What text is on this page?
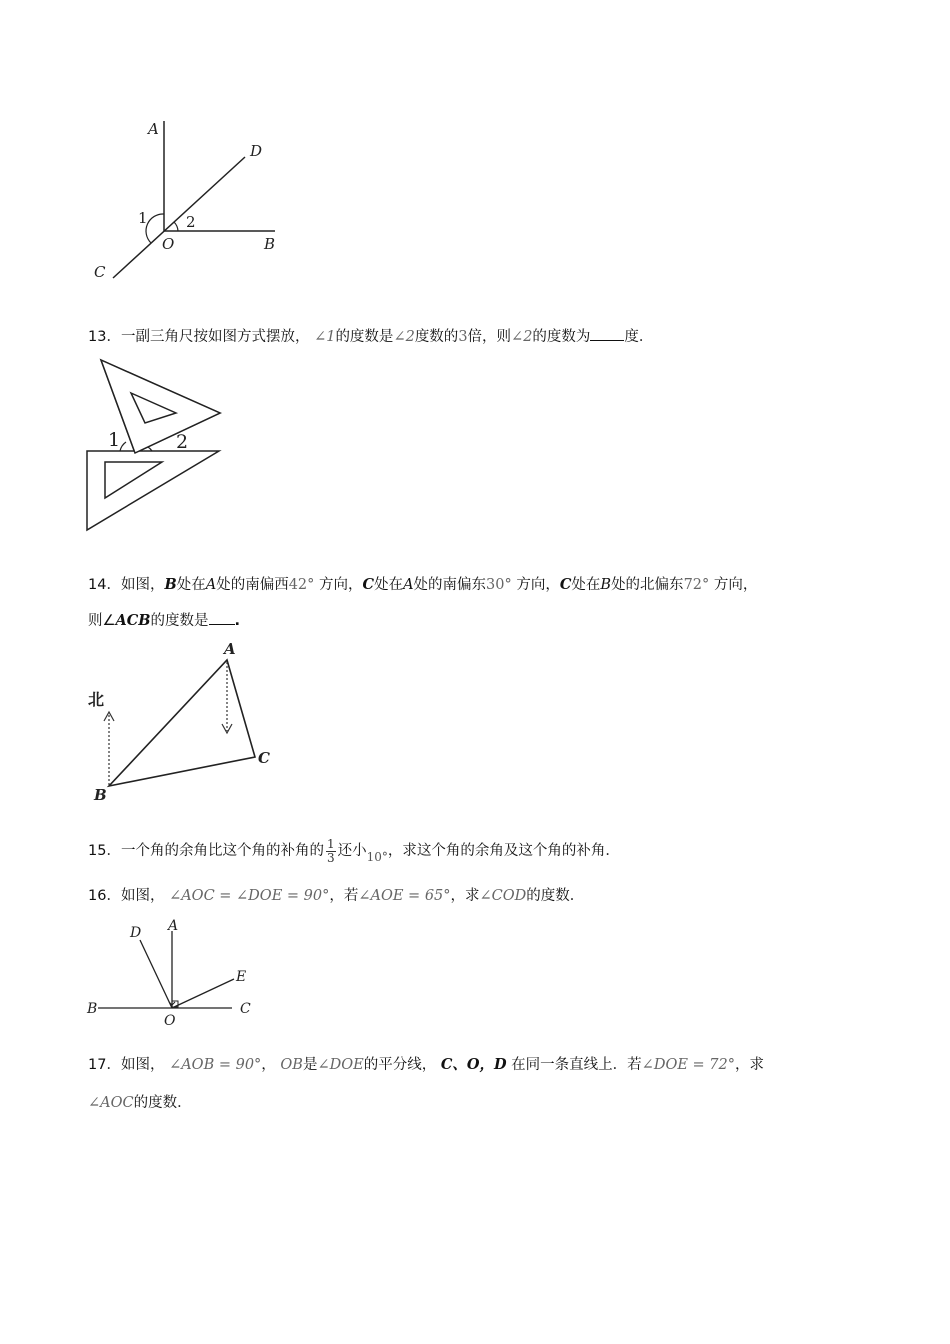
A
D
1	2
O	B
C
13．一副三角尺按如图方式摆放， ∠1的度数是∠2度数的3倍，则∠2的度数为 度．
1	2
14．如图，B处在A处的南偏西42° 方向，C处在A处的南偏东30° 方向，C处在B处的北偏东72° 方向，
则∠ACB的度数是 .
北
A
C
B
15．一个角的余角比这个角的补角的 $\frac{1}{3}$ 还小$_{10^\circ}$，求这个角的余角及这个角的补角．
16．如图， ∠AOC = ∠DOE = 90°，若∠AOE = 65°，求∠COD的度数．
D A
E
B	C
O
17．如图， ∠AOB = 90°， OB是∠DOE的平分线， C、O，D 在同一条直线上．若∠DOE = 72°，求
∠AOC的度数．
